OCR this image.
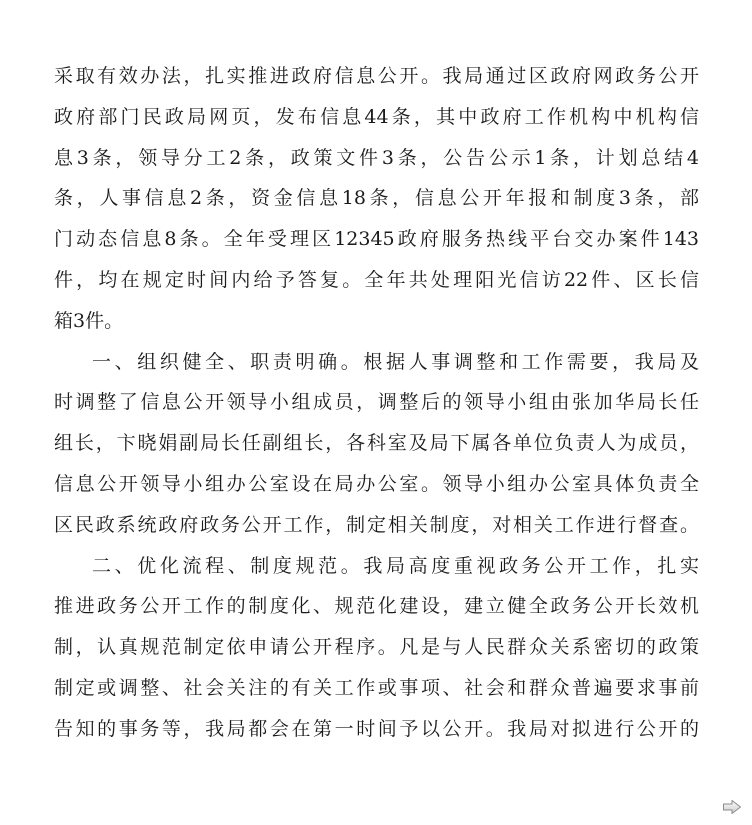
采取有效办法，扎实推进政府信息公开。我局通过区政府网政务公开
政府部门民政局网页，发布信息44条，其中政府工作机构中机构信
息3条，领导分工2条，政策文件3条，公告公示1条，计划总结4
条，人事信息2条，资金信息18条，信息公开年报和制度3条，部
门动态信息8条。全年受理区12345政府服务热线平台交办案件143
件，均在规定时间内给予答复。全年共处理阳光信访22件、区长信
箱3件。
一、组织健全、职责明确。根据人事调整和工作需要，我局及
时调整了信息公开领导小组成员，调整后的领导小组由张加华局长任
组长，卞晓娟副局长任副组长，各科室及局下属各单位负责人为成员，
信息公开领导小组办公室设在局办公室。领导小组办公室具体负责全
区民政系统政府政务公开工作，制定相关制度，对相关工作进行督查。
二、优化流程、制度规范。我局高度重视政务公开工作，扎实
推进政务公开工作的制度化、规范化建设，建立健全政务公开长效机
制，认真规范制定依申请公开程序。凡是与人民群众关系密切的政策
制定或调整、社会关注的有关工作或事项、社会和群众普遍要求事前
告知的事务等，我局都会在第一时间予以公开。我局对拟进行公开的
